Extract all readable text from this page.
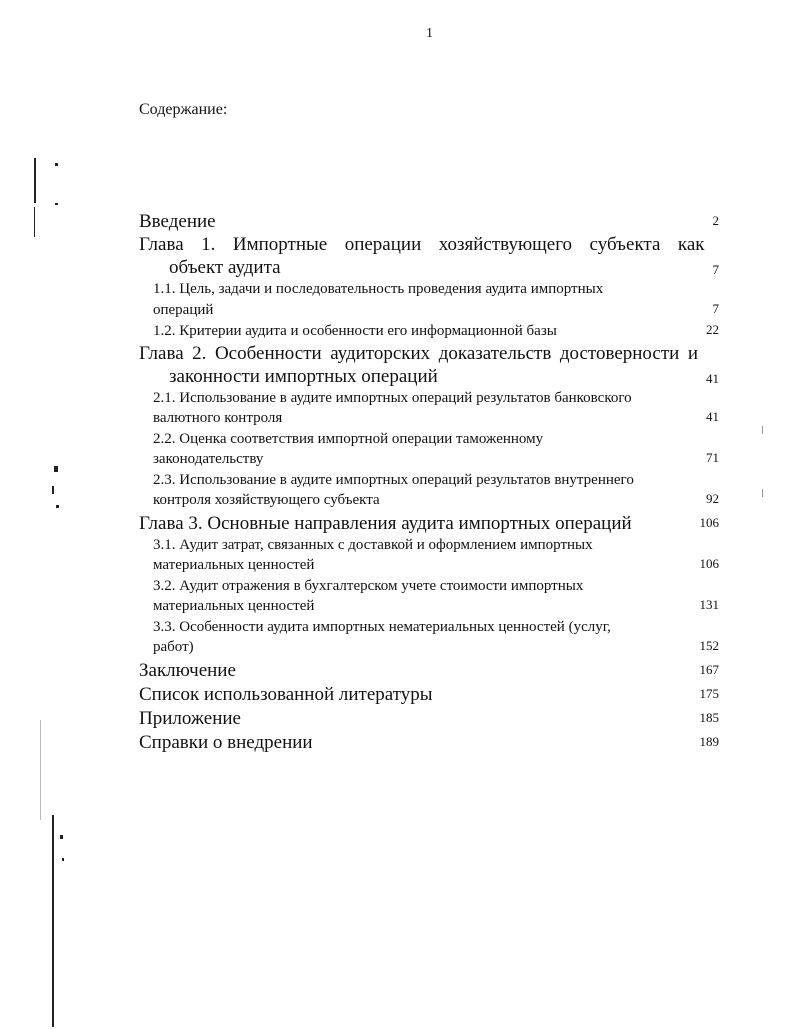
1
Содержание:
Введение	2
Глава 1. Импортные операции хозяйствующего субъекта как
объект аудита	7
1.1. Цель, задачи и последовательность проведения аудита импортных
операций	7
1.2. Критерии аудита и особенности его информационной базы	22
Глава 2. Особенности аудиторских доказательств достоверности и
законности импортных операций	41
2.1. Использование в аудите импортных операций результатов банковского
валютного контроля	41
2.2. Оценка соответствия импортной операции таможенному
законодательству	71
2.3. Использование в аудите импортных операций результатов внутреннего
контроля хозяйствующего субъекта	92
Глава 3. Основные направления аудита импортных операций	106
3.1. Аудит затрат, связанных с доставкой и оформлением импортных
материальных ценностей	106
3.2. Аудит отражения в бухгалтерском учете стоимости импортных
материальных ценностей	131
3.3. Особенности аудита импортных нематериальных ценностей (услуг,
работ)	152
Заключение	167
Список использованной литературы	175
Приложение	185
Справки о внедрении	189
